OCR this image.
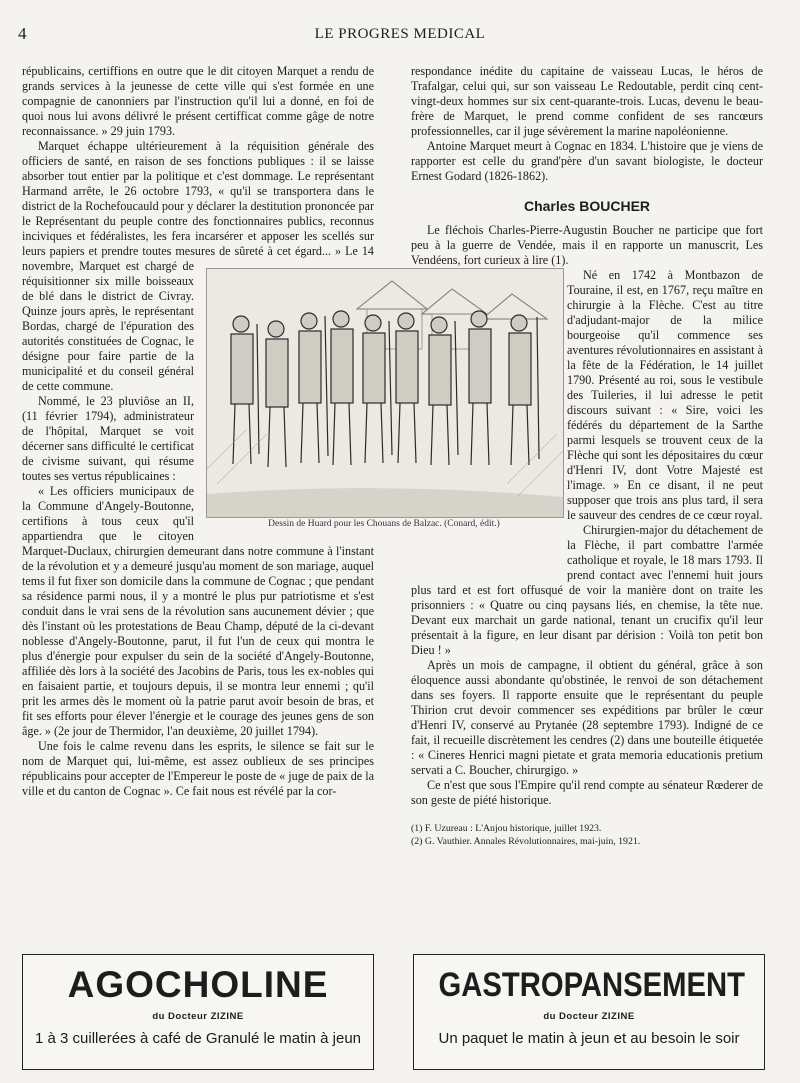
4	LE PROGRES MEDICAL

républicains, certiffions en outre que le dit citoyen Marquet a rendu de grands services à la jeunesse de cette ville qui s'est formée en une compagnie de canonniers par l'instruction qu'il lui a donné, en foi de quoi nous lui avons délivré le présent certifficat comme gâge de notre reconnaissance. » 29 juin 1793.

Marquet échappe ultérieurement à la réquisition générale des officiers de santé, en raison de ses fonctions publiques : il se laisse absorber tout entier par la politique et c'est dommage. Le représentant Harmand arrête, le 26 octobre 1793, « qu'il se transportera dans le district de la Rochefoucauld pour y déclarer la destitution prononcée par le Représentant du peuple contre des fonctionnaires publics, reconnus inciviques et fédéralistes, les fera incarsérer et apposer les scellés sur leurs papiers et prendre toutes mesures de sûreté à cet égard... » Le 14 novembre, Marquet est chargé de réquisitionner six mille boisseaux de blé dans le district de Civray. Quinze jours après, le représentant Bordas, chargé de l'épuration des autorités constituées de Cognac, le désigne pour faire partie de la municipalité et du conseil général de cette commune.

Nommé, le 23 pluviôse an II, (11 février 1794), administrateur de l'hôpital, Marquet se voit décerner sans difficulté le certificat de civisme suivant, qui résume toutes ses vertus républicaines :

« Les officiers municipaux de la Commune d'Angely-Boutonne, certifions à tous ceux qu'il appartiendra que le citoyen Marquet-Duclaux, chirurgien demeurant dans notre commune à l'instant de la révolution et y a demeuré jusqu'au moment de son mariage, auquel tems il fut fixer son domicile dans la commune de Cognac ; que pendant sa résidence parmi nous, il y a montré le plus pur patriotisme et s'est conduit dans le vrai sens de la révolution sans aucunement dévier ; que dès l'instant où les protestations de Beau Champ, député de la ci-devant noblesse d'Angely-Boutonne, parut, il fut l'un de ceux qui montra le plus d'énergie pour expulser du sein de la société d'Angely-Boutonne, affiliée dès lors à la société des Jacobins de Paris, tous les ex-nobles qui en faisaient partie, et toujours depuis, il se montra leur ennemi ; qu'il prit les armes dès le moment où la patrie parut avoir besoin de bras, et fit ses efforts pour élever l'énergie et le courage des jeunes gens de son âge. » (2e jour de Thermidor, l'an deuxième, 20 juillet 1794).

Une fois le calme revenu dans les esprits, le silence se fait sur le nom de Marquet qui, lui-même, est assez oublieux de ses principes républicains pour accepter de l'Empereur le poste de « juge de paix de la ville et du canton de Cognac ». Ce fait nous est révélé par la cor-

respondance inédite du capitaine de vaisseau Lucas, le héros de Trafalgar, celui qui, sur son vaisseau Le Redoutable, perdit cinq cent-vingt-deux hommes sur six cent-quarante-trois. Lucas, devenu le beau-frère de Marquet, le prend comme confident de ses rancœurs professionnelles, car il juge sévèrement la marine napoléonienne.

Antoine Marquet meurt à Cognac en 1834. L'histoire que je viens de rapporter est celle du grand'père d'un savant biologiste, le docteur Ernest Godard (1826-1862).

Charles BOUCHER

Le fléchois Charles-Pierre-Augustin Boucher ne participe que fort peu à la guerre de Vendée, mais il en rapporte un manuscrit, Les Vendéens, fort curieux à lire (1).

Né en 1742 à Montbazon de Touraine, il est, en 1767, reçu maître en chirurgie à la Flèche. C'est au titre d'adjudant-major de la milice bourgeoise qu'il commence ses aventures révolutionnaires en assistant à la fête de la Fédération, le 14 juillet 1790. Présenté au roi, sous le vestibule des Tuileries, il lui adresse le petit discours suivant : « Sire, voici les fédérés du département de la Sarthe parmi lesquels se trouvent ceux de la Flèche qui sont les dépositaires du cœur d'Henri IV, dont Votre Majesté est l'image. » En ce disant, il ne peut supposer que trois ans plus tard, il sera le sauveur des cendres de ce cœur royal.

Chirurgien-major du détachement de la Flèche, il part combattre l'armée catholique et royale, le 18 mars 1793. Il prend contact avec l'ennemi huit jours plus tard et est fort offusqué de voir la manière dont on traite les prisonniers : « Quatre ou cinq paysans liés, en chemise, la tête nue. Devant eux marchait un garde national, tenant un crucifix qu'il leur présentait à la figure, en leur disant par dérision : Voilà ton petit bon Dieu ! »

Après un mois de campagne, il obtient du général, grâce à son éloquence aussi abondante qu'obstinée, le renvoi de son détachement dans ses foyers. Il rapporte ensuite que le représentant du peuple Thirion crut devoir commencer ses expéditions par brûler le cœur d'Henri IV, conservé au Prytanée (28 septembre 1793). Indigné de ce fait, il recueille discrètement les cendres (2) dans une bouteille étiquetée : « Cineres Henrici magni pietate et grata memoria educationis pretium servati a C. Boucher, chirurgigo. »

Ce n'est que sous l'Empire qu'il rend compte au sénateur Rœderer de son geste de piété historique.

(1) F. Uzureau : L'Anjou historique, juillet 1923.
(2) G. Vauthier. Annales Révolutionnaires, mai-juin, 1921.
Dessin de Huard pour les Chouans de Balzac. (Conard, édit.)
AGOCHOLINE
du Docteur ZIZINE
1 à 3 cuillerées à café de Granulé le matin à jeun
GASTROPANSEMENT
du Docteur ZIZINE
Un paquet le matin à jeun et au besoin le soir
